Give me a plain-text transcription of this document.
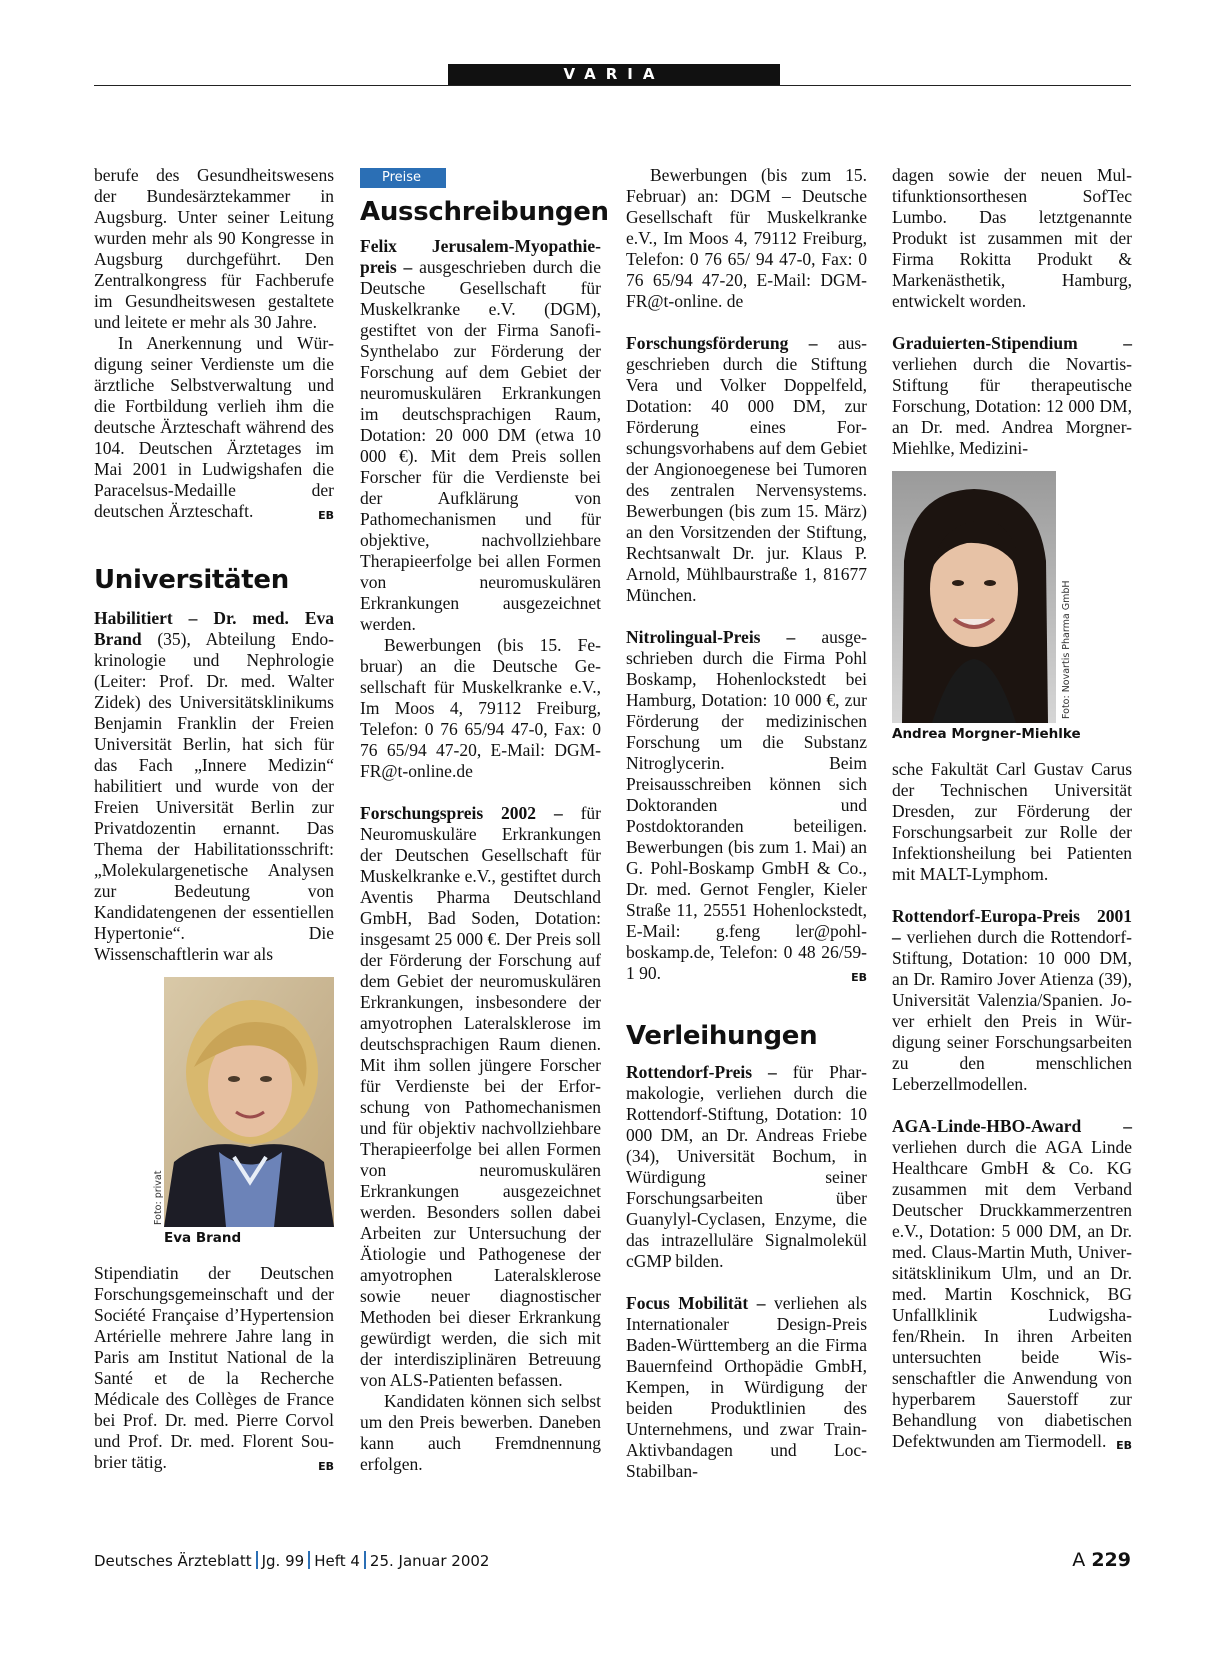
VARIA

berufe des Gesundheitswesens der Bundesärztekammer in Augsburg. Unter seiner Leitung wurden mehr als 90 Kongresse in Augsburg durchgeführt. Den Zentralkongress für Fachberufe im Gesundheitswesen gestaltete und leitete er mehr als 30 Jahre.

In Anerkennung und Würdigung seiner Verdienste um die ärztliche Selbstverwaltung und die Fortbildung verlieh ihm die deutsche Ärzteschaft während des 104. Deutschen Ärztetages im Mai 2001 in Ludwigshafen die Paracelsus-Medaille der deutschen Ärzteschaft.	EB

Universitäten

Habilitiert – Dr. med. Eva Brand (35), Abteilung Endokrinologie und Nephrologie (Leiter: Prof. Dr. med. Walter Zidek) des Universitätsklinikums Benjamin Franklin der Freien Universität Berlin, hat sich für das Fach „Innere Medizin“ habilitiert und wurde von der Freien Universität Berlin zur Privatdozentin ernannt. Das Thema der Habilitationsschrift: „Molekulargenetische Analysen zur Bedeutung von Kandidatengenen der essentiellen Hypertonie“. Die Wissenschaftlerin war als

Foto: privat
Eva Brand

Stipendiatin der Deutschen Forschungsgemeinschaft und der Société Française d’Hypertension Artérielle mehrere Jahre lang in Paris am Institut National de la Santé et de la Recherche Médicale des Collèges de France bei Prof. Dr. med. Pierre Corvol und Prof. Dr. med. Florent Soubrier tätig.	EB

Preise
Ausschreibungen

Felix Jerusalem-Myopathiepreis – ausgeschrieben durch die Deutsche Gesellschaft für Muskelkranke e.V. (DGM), gestiftet von der Firma Sanofi-Synthelabo zur Förderung der Forschung auf dem Gebiet der neuromuskulären Erkrankungen im deutschsprachigen Raum, Dotation: 20 000 DM (etwa 10 000 €). Mit dem Preis sollen Forscher für die Verdienste bei der Aufklärung von Pathomechanismen und für objektive, nachvollziehbare Therapieerfolge bei allen Formen von neuromuskulären Erkrankungen ausgezeichnet werden.

Bewerbungen (bis 15. Februar) an die Deutsche Gesellschaft für Muskelkranke e.V., Im Moos 4, 79112 Freiburg, Telefon: 0 76 65/94 47-0, Fax: 0 76 65/94 47-20, E-Mail: DGM-FR@t-online.de

Forschungspreis 2002 – für Neuromuskuläre Erkrankungen der Deutschen Gesellschaft für Muskelkranke e.V., gestiftet durch Aventis Pharma Deutschland GmbH, Bad Soden, Dotation: insgesamt 25 000 €. Der Preis soll der Förderung der Forschung auf dem Gebiet der neuromuskulären Erkrankungen, insbesondere der amyotrophen Lateralsklerose im deutschsprachigen Raum dienen. Mit ihm sollen jüngere Forscher für Verdienste bei der Erforschung von Pathomechanismen und für objektiv nachvollziehbare Therapieerfolge bei allen Formen von neuromuskulären Erkrankungen ausgezeichnet werden. Besonders sollen dabei Arbeiten zur Untersuchung der Ätiologie und Pathogenese der amyotrophen Lateralsklerose sowie neuer diagnostischer Methoden bei dieser Erkrankung gewürdigt werden, die sich mit der interdisziplinären Betreuung von ALS-Patienten befassen.

Kandidaten können sich selbst um den Preis bewerben. Daneben kann auch Fremdnennung erfolgen.

Bewerbungen (bis zum 15. Februar) an: DGM – Deutsche Gesellschaft für Muskelkranke e.V., Im Moos 4, 79112 Freiburg, Telefon: 0 76 65/ 94 47-0, Fax: 0 76 65/94 47-20, E-Mail: DGM-FR@t-online. de

Forschungsförderung – ausgeschrieben durch die Stiftung Vera und Volker Doppelfeld, Dotation: 40 000 DM, zur Förderung eines Forschungsvorhabens auf dem Gebiet der Angionoegenese bei Tumoren des zentralen Nervensystems. Bewerbungen (bis zum 15. März) an den Vorsitzenden der Stiftung, Rechtsanwalt Dr. jur. Klaus P. Arnold, Mühlbaurstraße 1, 81677 München.

Nitrolingual-Preis – ausgeschrieben durch die Firma Pohl Boskamp, Hohenlockstedt bei Hamburg, Dotation: 10 000 €, zur Förderung der medizinischen Forschung um die Substanz Nitroglycerin. Beim Preisausschreiben können sich Doktoranden und Postdoktoranden beteiligen. Bewerbungen (bis zum 1. Mai) an G. Pohl-Boskamp GmbH & Co., Dr. med. Gernot Fengler, Kieler Straße 11, 25551 Hohenlockstedt, E-Mail: g.feng ler@pohl-boskamp.de, Telefon: 0 48 26/59-1 90.	EB

Verleihungen

Rottendorf-Preis – für Pharmakologie, verliehen durch die Rottendorf-Stiftung, Dotation: 10 000 DM, an Dr. Andreas Friebe (34), Universität Bochum, in Würdigung seiner Forschungsarbeiten über Guanylyl-Cyclasen, Enzyme, die das intrazelluläre Signalmolekül cGMP bilden.

Focus Mobilität – verliehen als Internationaler Design-Preis Baden-Württemberg an die Firma Bauernfeind Orthopädie GmbH, Kempen, in Würdigung der beiden Produktlinien des Unternehmens, und zwar Train-Aktivbandagen und Loc-Stabilban-

dagen sowie der neuen Multifunktionsorthesen SofTec Lumbo. Das letztgenannte Produkt ist zusammen mit der Firma Rokitta Produkt & Markenästhetik, Hamburg, entwickelt worden.

Graduierten-Stipendium – verliehen durch die Novartis-Stiftung für therapeutische Forschung, Dotation: 12 000 DM, an Dr. med. Andrea Morgner-Miehlke, Medizini-

Foto: Novartis Pharma GmbH
Andrea Morgner-Miehlke

sche Fakultät Carl Gustav Carus der Technischen Universität Dresden, zur Förderung der Forschungsarbeit zur Rolle der Infektionsheilung bei Patienten mit MALT-Lymphom.

Rottendorf-Europa-Preis 2001 – verliehen durch die Rottendorf-Stiftung, Dotation: 10 000 DM, an Dr. Ramiro Jover Atienza (39), Universität Valenzia/Spanien. Jover erhielt den Preis in Würdigung seiner Forschungsarbeiten zu den menschlichen Leberzellmodellen.

AGA-Linde-HBO-Award – verliehen durch die AGA Linde Healthcare GmbH & Co. KG zusammen mit dem Verband Deutscher Druckkammerzentren e.V., Dotation: 5 000 DM, an Dr. med. Claus-Martin Muth, Universitätsklinikum Ulm, und an Dr. med. Martin Koschnick, BG Unfallklinik Ludwigshafen/Rhein. In ihren Arbeiten untersuchten beide Wissenschaftler die Anwendung von hyperbarem Sauerstoff zur Behandlung von diabetischen Defektwunden am Tiermodell. EB

Deutsches Ärzteblatt Jg. 99 Heft 4 25. Januar 2002	A 229
